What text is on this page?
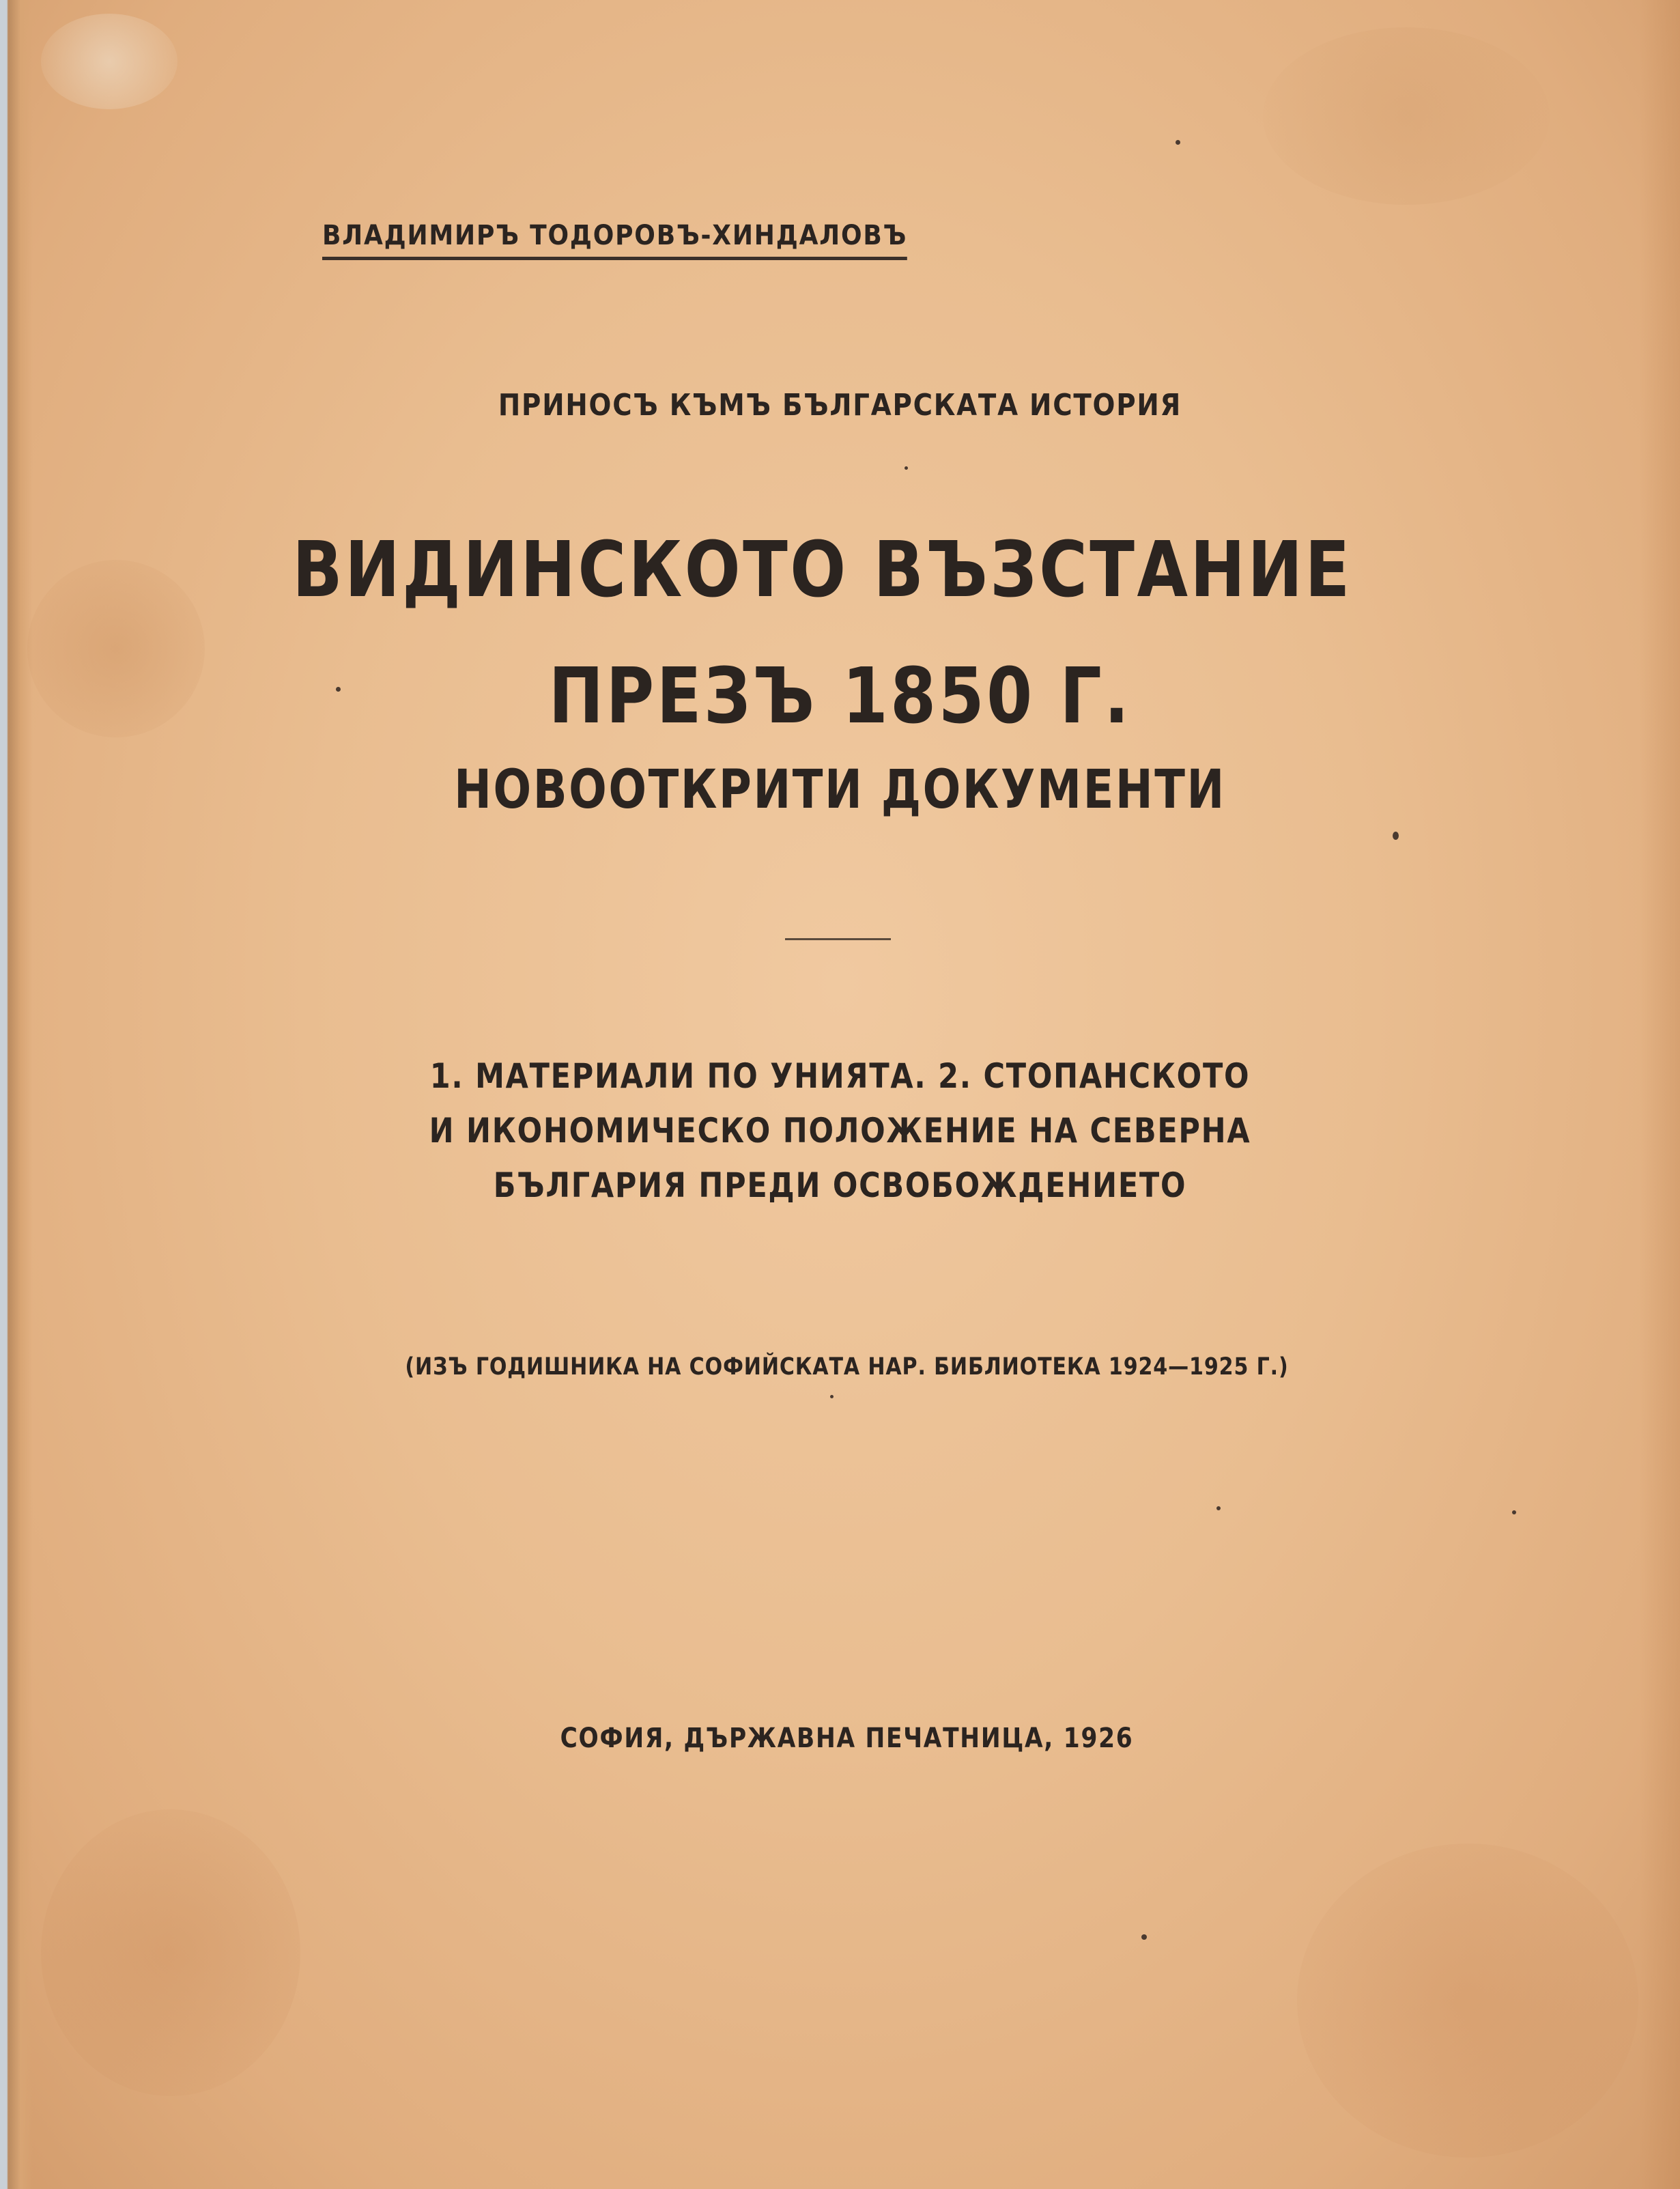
ВЛАДИМИРЪ ТОДОРОВЪ-ХИНДАЛОВЪ
ПРИНОСЪ КЪМЪ БЪЛГАРСКАТА ИСТОРИЯ
ВИДИНСКОТО ВЪЗСТАНИЕ
ПРЕЗЪ 1850 Г.
НОВООТКРИТИ ДОКУМЕНТИ
1. МАТЕРИАЛИ ПО УНИЯТА. 2. СТОПАНСКОТО
И ИКОНОМИЧЕСКО ПОЛОЖЕНИЕ НА СЕВЕРНА
БЪЛГАРИЯ ПРЕДИ ОСВОБОЖДЕНИЕТО
(ИЗЪ ГОДИШНИКА НА СОФИЙСКАТА НАР. БИБЛИОТЕКА 1924—1925 Г.)
СОФИЯ, ДЪРЖАВНА ПЕЧАТНИЦА, 1926
